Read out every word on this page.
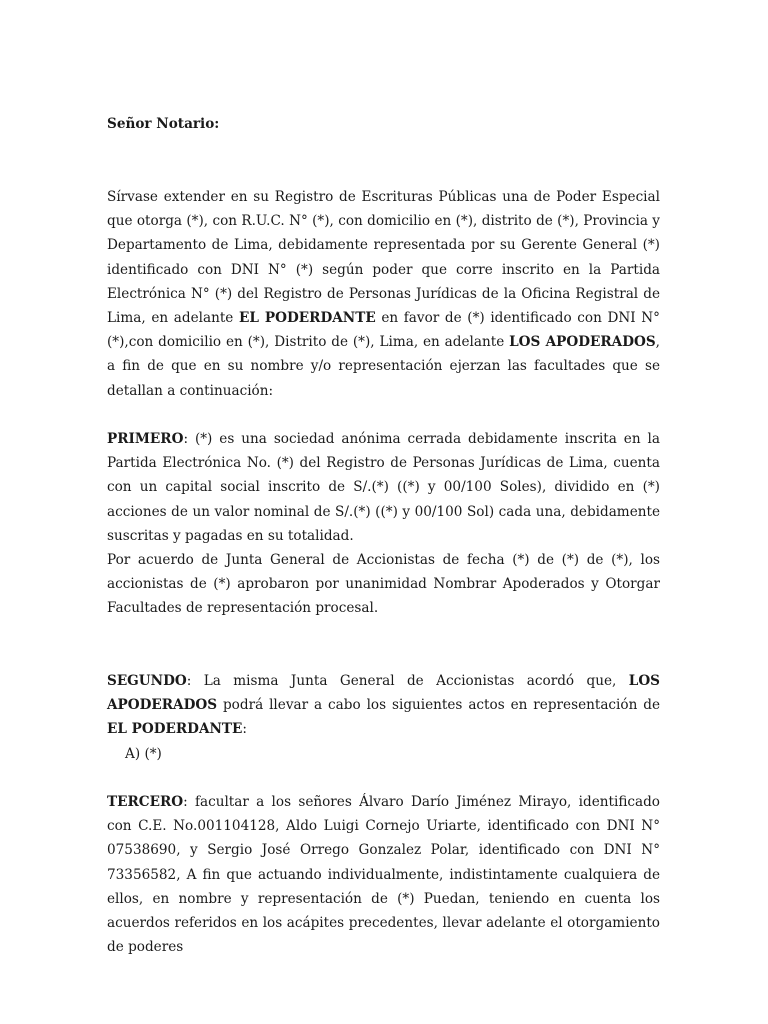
Señor Notario:

Sírvase extender en su Registro de Escrituras Públicas una de Poder Especial que otorga (*), con R.U.C. N° (*), con domicilio en (*), distrito de (*), Provincia y Departamento de Lima, debidamente representada por su Gerente General (*) identificado con DNI N° (*) según poder que corre inscrito en la Partida Electrónica N° (*) del Registro de Personas Jurídicas de la Oficina Registral de Lima, en adelante EL PODERDANTE en favor de (*) identificado con DNI N° (*),con domicilio en (*), Distrito de (*), Lima, en adelante LOS APODERADOS, a fin de que en su nombre y/o representación ejerzan las facultades que se detallan a continuación:

PRIMERO: (*) es una sociedad anónima cerrada debidamente inscrita en la Partida Electrónica No. (*) del Registro de Personas Jurídicas de Lima, cuenta con un capital social inscrito de S/.(*) ((*) y 00/100 Soles), dividido en (*) acciones de un valor nominal de S/.(*) ((*) y 00/100 Sol) cada una, debidamente suscritas y pagadas en su totalidad.

Por acuerdo de Junta General de Accionistas de fecha (*) de (*) de (*), los accionistas de (*) aprobaron por unanimidad Nombrar Apoderados y Otorgar Facultades de representación procesal.

SEGUNDO: La misma Junta General de Accionistas acordó que, LOS APODERADOS podrá llevar a cabo los siguientes actos en representación de EL PODERDANTE:

A) (*)

TERCERO: facultar a los señores Álvaro Darío Jiménez Mirayo, identificado con C.E. No.001104128, Aldo Luigi Cornejo Uriarte, identificado con DNI N° 07538690, y Sergio José Orrego Gonzalez Polar, identificado con DNI N° 73356582, A fin que actuando individualmente, indistintamente cualquiera de ellos, en nombre y representación de (*) Puedan, teniendo en cuenta los acuerdos referidos en los acápites precedentes, llevar adelante el otorgamiento de poderes
